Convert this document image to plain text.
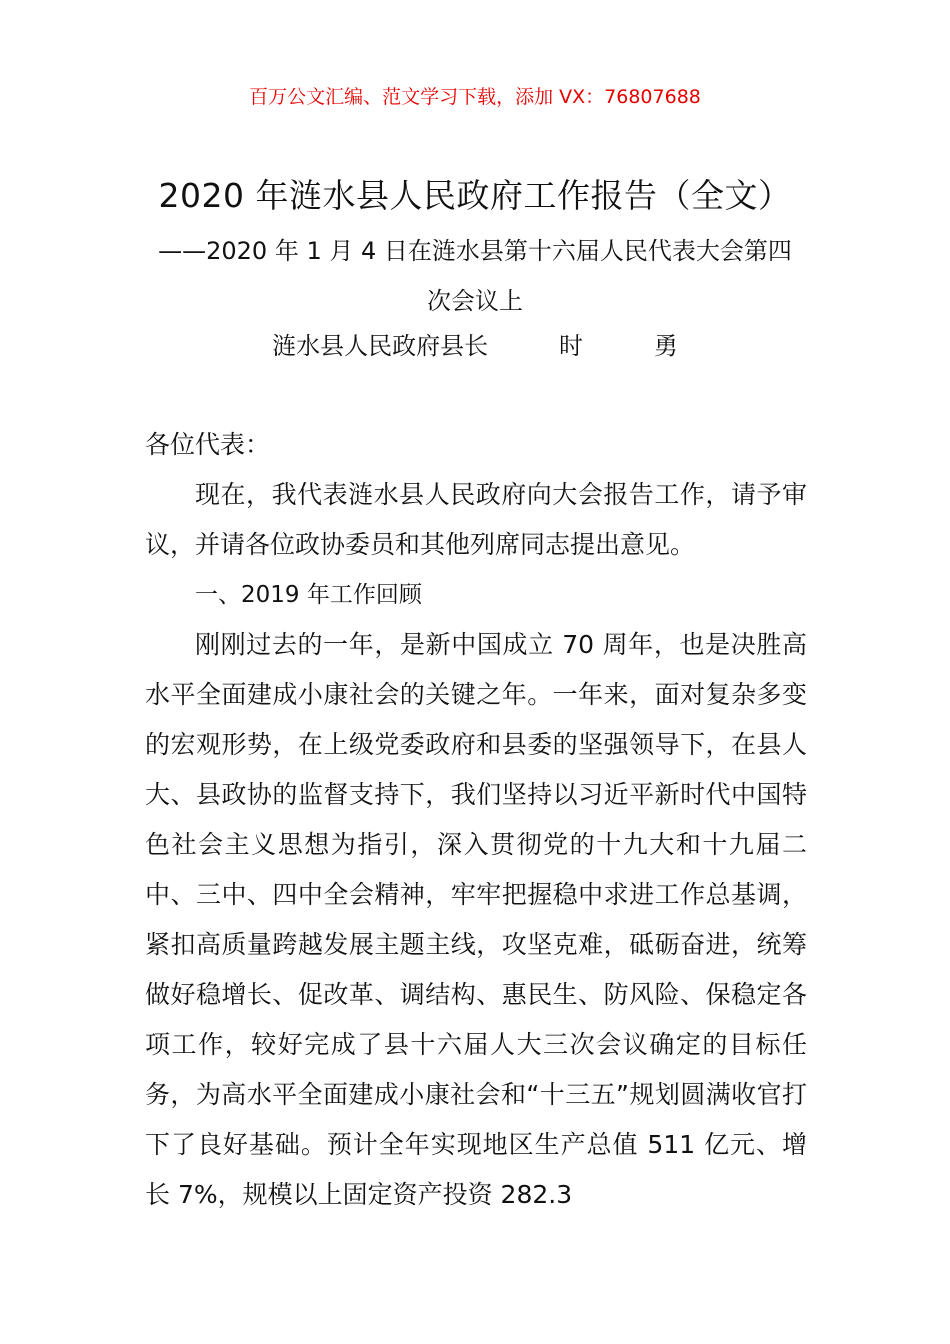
百万公文汇编、范文学习下载，添加 VX：76807688
2020 年涟水县人民政府工作报告（全文）
——2020 年 1 月 4 日在涟水县第十六届人民代表大会第四次会议上
涟水县人民政府县长   时   勇

各位代表：

现在，我代表涟水县人民政府向大会报告工作，请予审议，并请各位政协委员和其他列席同志提出意见。

一、2019 年工作回顾

刚刚过去的一年，是新中国成立 70 周年，也是决胜高水平全面建成小康社会的关键之年。一年来，面对复杂多变的宏观形势，在上级党委政府和县委的坚强领导下，在县人大、县政协的监督支持下，我们坚持以习近平新时代中国特色社会主义思想为指引，深入贯彻党的十九大和十九届二中、三中、四中全会精神，牢牢把握稳中求进工作总基调，紧扣高质量跨越发展主题主线，攻坚克难，砥砺奋进，统筹做好稳增长、促改革、调结构、惠民生、防风险、保稳定各项工作，较好完成了县十六届人大三次会议确定的目标任务，为高水平全面建成小康社会和“十三五”规划圆满收官打下了良好基础。预计全年实现地区生产总值 511 亿元、增长 7%，规模以上固定资产投资 282.3
